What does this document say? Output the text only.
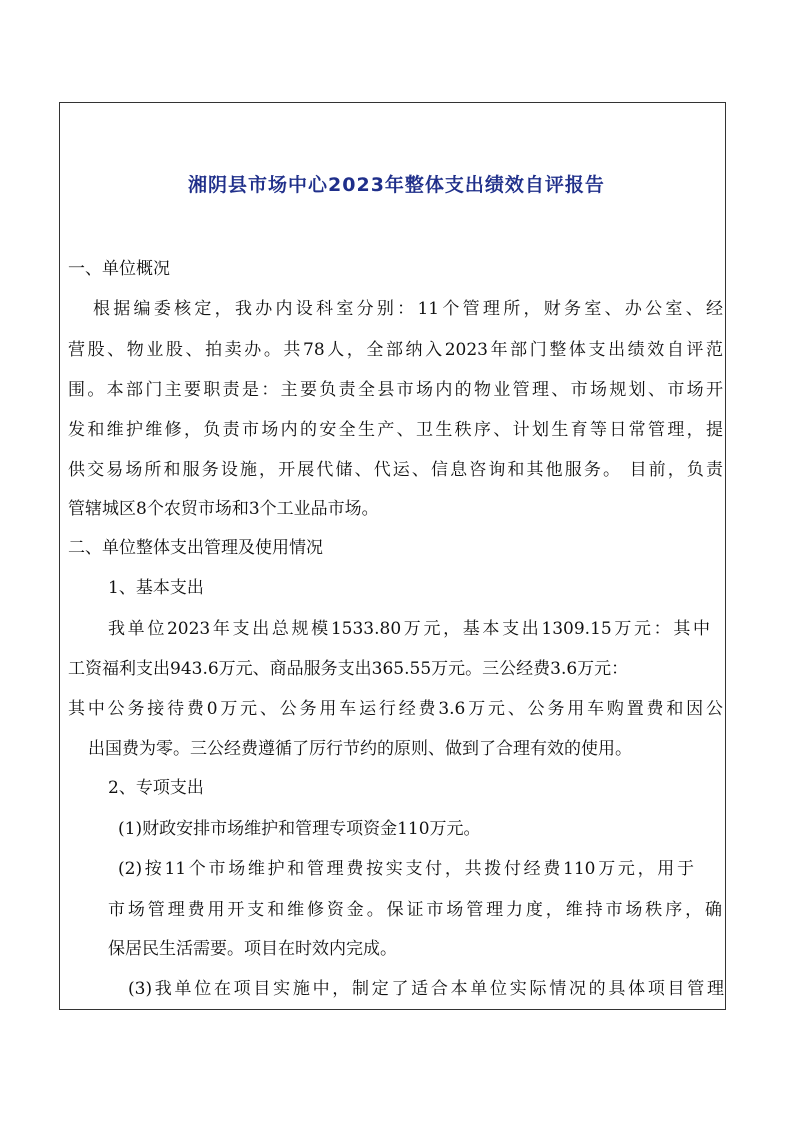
湘阴县市场中心2023年整体支出绩效自评报告
一、单位概况
根据编委核定，我办内设科室分别：11个管理所，财务室、办公室、经
营股、物业股、拍卖办。共78人，全部纳入2023年部门整体支出绩效自评范
围。本部门主要职责是：主要负责全县市场内的物业管理、市场规划、市场开
发和维护维修，负责市场内的安全生产、卫生秩序、计划生育等日常管理，提
供交易场所和服务设施，开展代储、代运、信息咨询和其他服务。 目前，负责
管辖城区8个农贸市场和3个工业品市场。
二、单位整体支出管理及使用情况
1、基本支出
我单位2023年支出总规模1533.80万元，基本支出1309.15万元：其中
工资福利支出943.6万元、商品服务支出365.55万元。三公经费3.6万元：
其中公务接待费0万元、公务用车运行经费3.6万元、公务用车购置费和因公
出国费为零。三公经费遵循了厉行节约的原则、做到了合理有效的使用。
2、专项支出
(1)财政安排市场维护和管理专项资金110万元。
(2)按11个市场维护和管理费按实支付，共拨付经费110万元，用于
市场管理费用开支和维修资金。保证市场管理力度，维持市场秩序，确
保居民生活需要。项目在时效内完成。
(3)我单位在项目实施中，制定了适合本单位实际情况的具体项目管理
